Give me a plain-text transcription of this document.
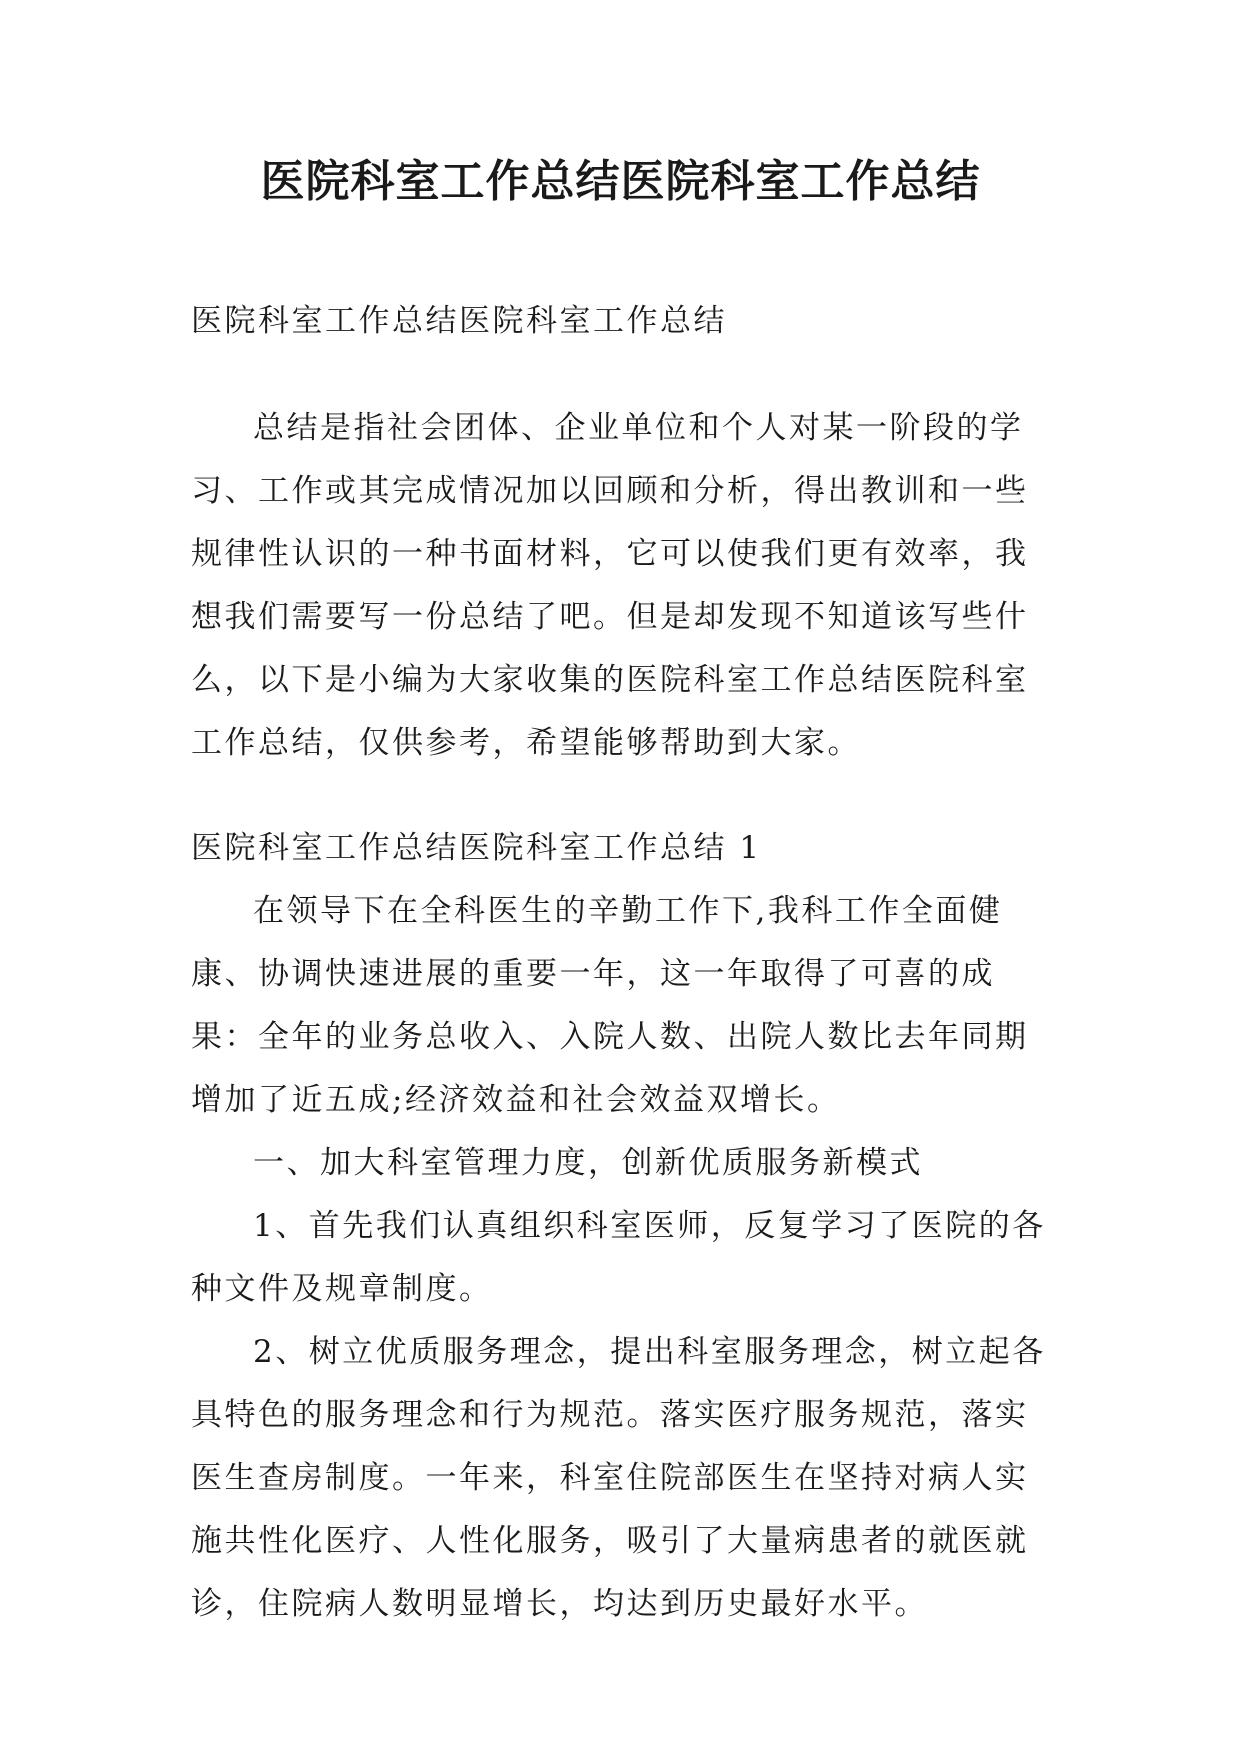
医院科室工作总结医院科室工作总结

医院科室工作总结医院科室工作总结

总结是指社会团体、企业单位和个人对某一阶段的学习、工作或其完成情况加以回顾和分析，得出教训和一些规律性认识的一种书面材料，它可以使我们更有效率，我想我们需要写一份总结了吧。但是却发现不知道该写些什么，以下是小编为大家收集的医院科室工作总结医院科室工作总结，仅供参考，希望能够帮助到大家。

医院科室工作总结医院科室工作总结 1

在领导下在全科医生的辛勤工作下,我科工作全面健康、协调快速进展的重要一年，这一年取得了可喜的成果：全年的业务总收入、入院人数、出院人数比去年同期增加了近五成;经济效益和社会效益双增长。

一、加大科室管理力度，创新优质服务新模式

1、首先我们认真组织科室医师，反复学习了医院的各种文件及规章制度。

2、树立优质服务理念，提出科室服务理念，树立起各具特色的服务理念和行为规范。落实医疗服务规范，落实医生查房制度。一年来，科室住院部医生在坚持对病人实施共性化医疗、人性化服务，吸引了大量病患者的就医就诊，住院病人数明显增长，均达到历史最好水平。
